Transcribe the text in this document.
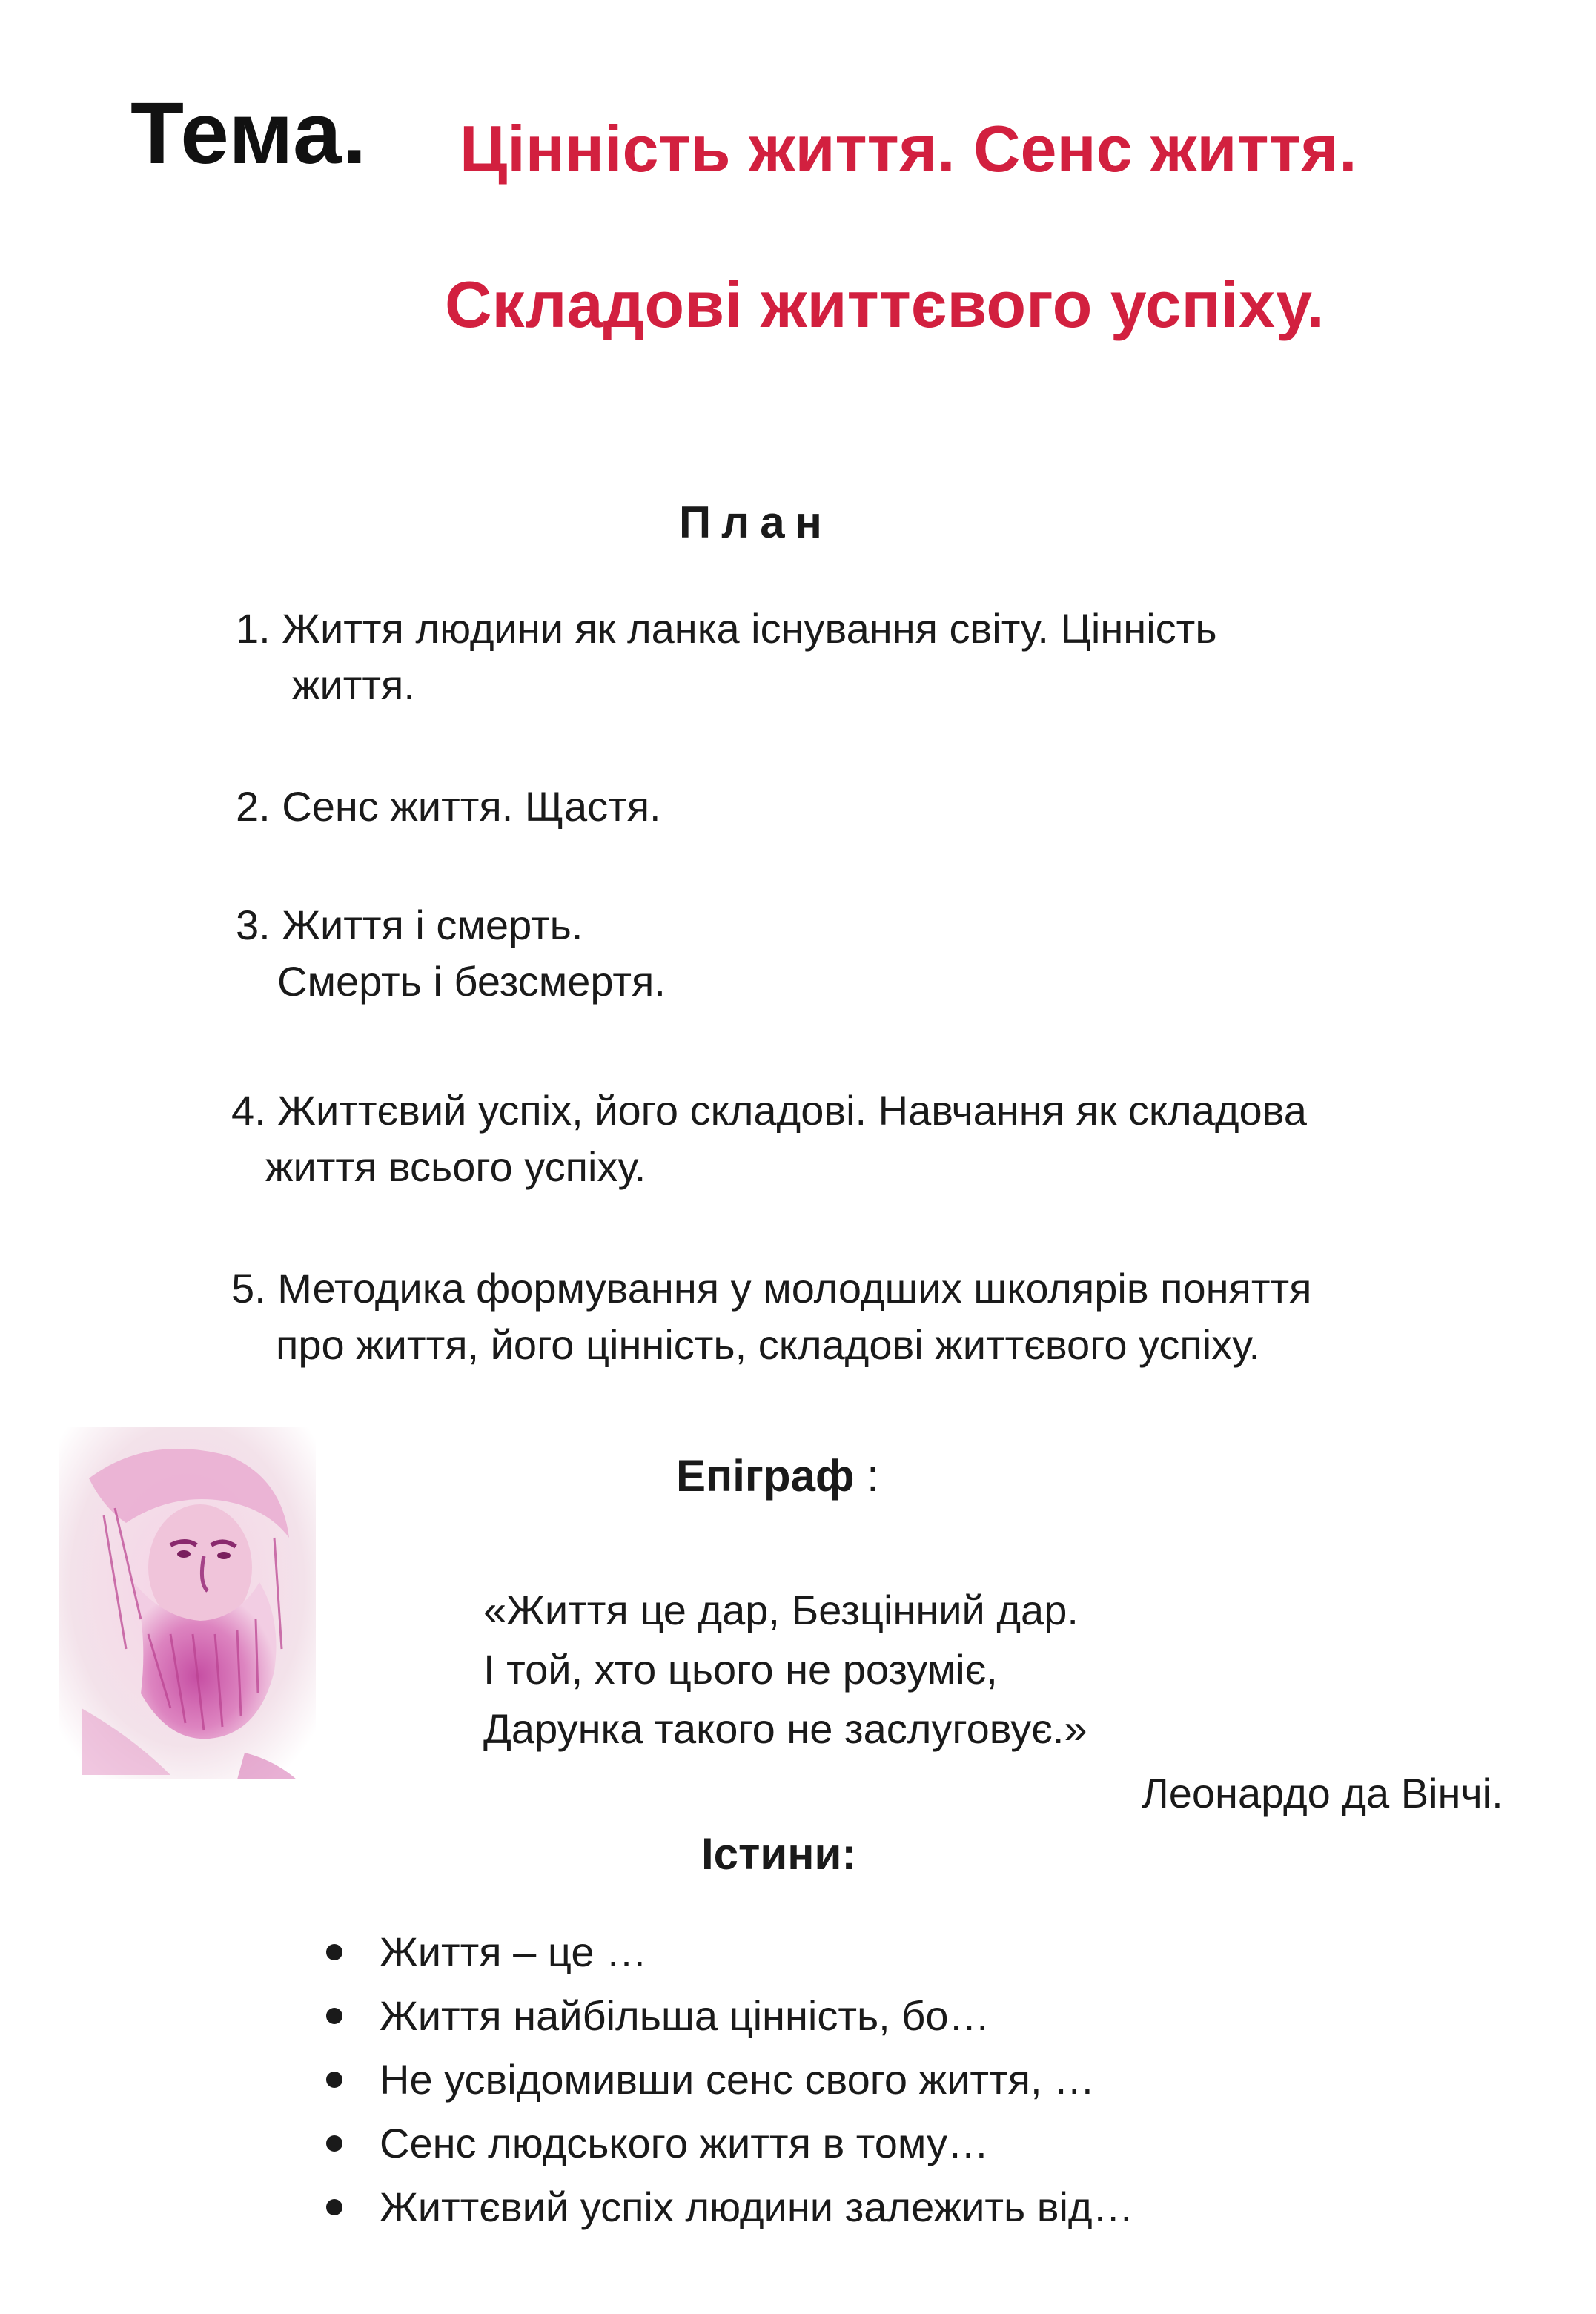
Тема. Цінність життя. Сенс життя.
Складові життєвого успіху.
План
1. Життя людини як ланка існування світу. Цінність
життя.
2. Сенс життя. Щастя.
3. Життя і смерть.
Смерть і безсмертя.
4. Життєвий успіх, його складові. Навчання як складова
життя всього успіху.
5. Методика формування у молодших школярів поняття
про життя, його цінність, складові життєвого успіху.
Епіграф :
«Життя це дар, Безцінний дар.
І той, хто цього не розуміє,
Дарунка такого не заслуговує.»
Леонардо да Вінчі.
Істини:
Життя – це …
Життя найбільша цінність, бо…
Не усвідомивши сенс свого життя, …
Сенс людського життя в тому…
Життєвий успіх людини залежить від…
